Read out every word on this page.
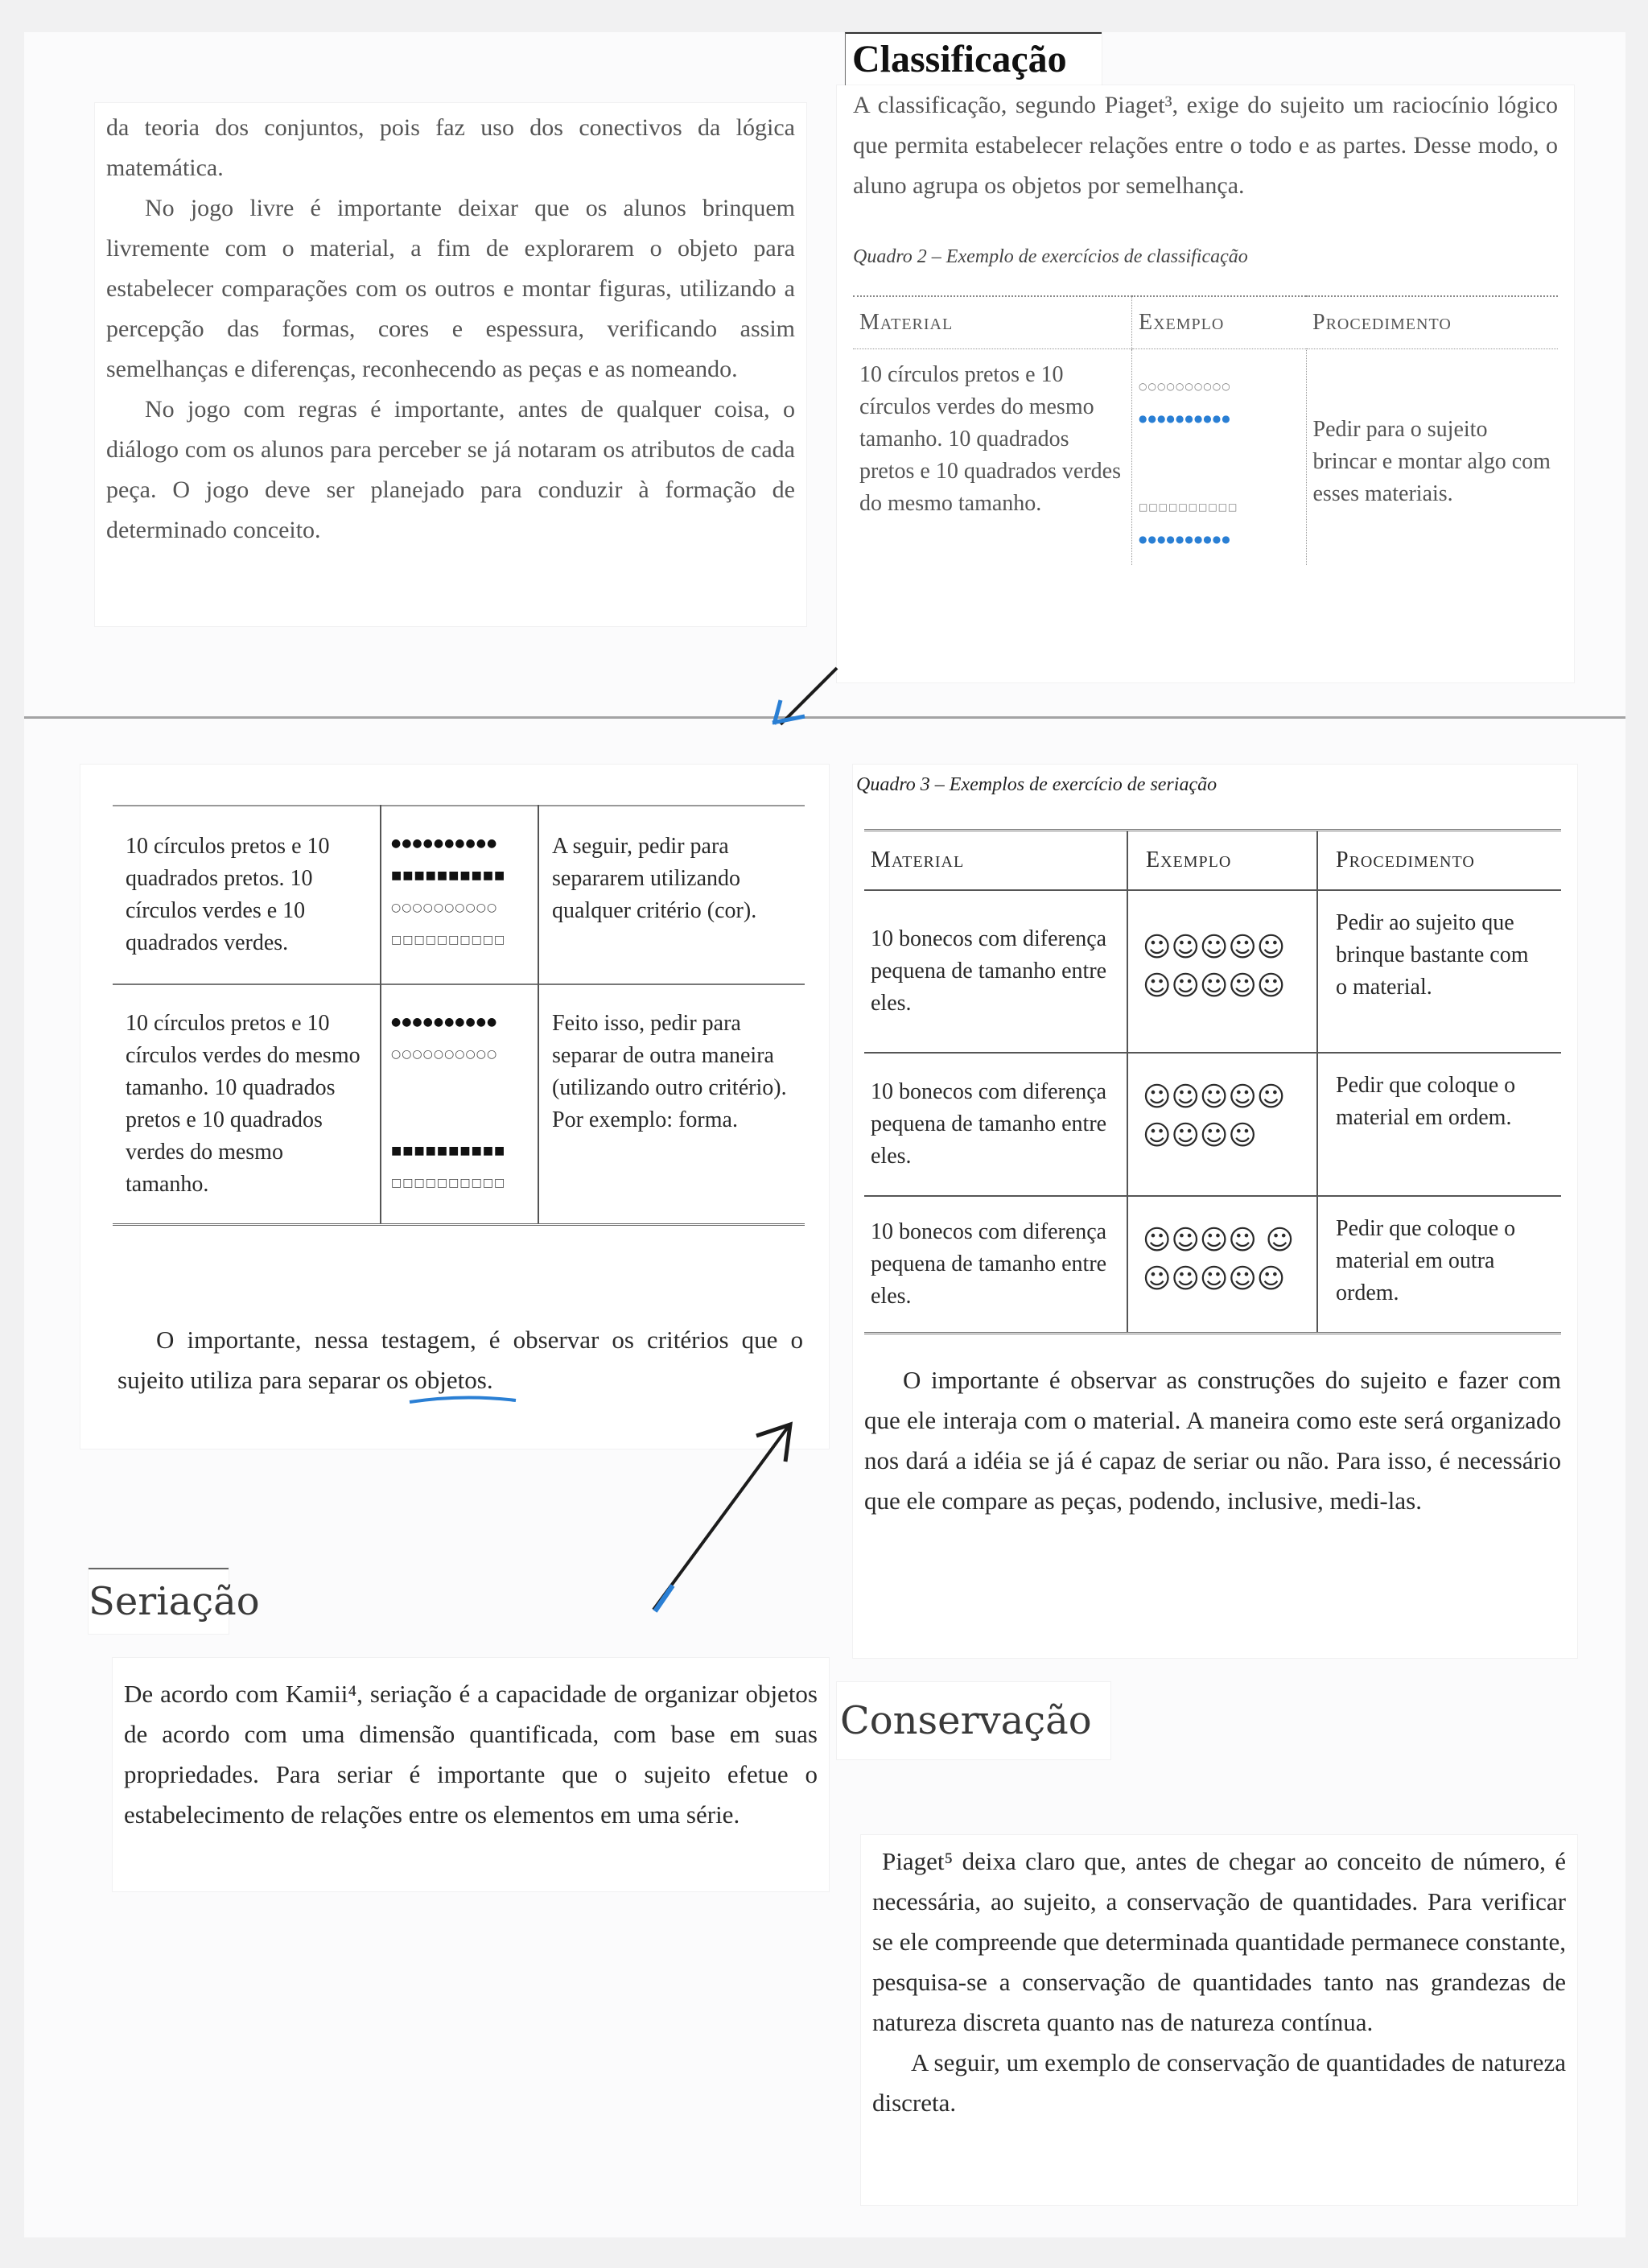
da teoria dos conjuntos, pois faz uso dos conectivos da lógica matemática.

No jogo livre é importante deixar que os alunos brinquem livremente com o material, a fim de explorarem o objeto para estabelecer comparações com os outros e montar figuras, utilizando a percepção das formas, cores e espessura, verificando assim semelhanças e diferenças, reconhecendo as peças e as nomeando.

No jogo com regras é importante, antes de qualquer coisa, o diálogo com os alunos para perceber se já notaram os atributos de cada peça. O jogo deve ser planejado para conduzir à formação de determinado conceito.

Classificação

A classificação, segundo Piaget³, exige do sujeito um raciocínio lógico que permita estabelecer relações entre o todo e as partes. Desse modo, o aluno agrupa os objetos por semelhança.

Quadro 2 – Exemplo de exercícios de classificação

Material	Exemplo	Procedimento
10 círculos pretos e 10 círculos verdes do mesmo tamanho. 10 quadrados pretos e 10 quadrados verdes do mesmo tamanho.	○○○○○○○○○○
●●●●●●●●●●
□□□□□□□□□□
●●●●●●●●●●	Pedir para o sujeito brincar e montar algo com esses materiais.
10 círculos pretos e 10 quadrados pretos. 10 círculos verdes e 10 quadrados verdes.	●●●●●●●●●●
■■■■■■■■■■
○○○○○○○○○○
□□□□□□□□□□	A seguir, pedir para separarem utilizando qualquer critério (cor).
10 círculos pretos e 10 círculos verdes do mesmo tamanho. 10 quadrados pretos e 10 quadrados verdes do mesmo tamanho.	●●●●●●●●●●
○○○○○○○○○○
■■■■■■■■■■
□□□□□□□□□□	Feito isso, pedir para separar de outra maneira (utilizando outro critério). Por exemplo: forma.

O importante, nessa testagem, é observar os critérios que o sujeito utiliza para separar os objetos.

Seriação

De acordo com Kamii⁴, seriação é a capacidade de organizar objetos de acordo com uma dimensão quantificada, com base em suas propriedades. Para seriar é importante que o sujeito efetue o estabelecimento de relações entre os elementos em uma série.

Quadro 3 – Exemplos de exercício de seriação

Material	Exemplo	Procedimento
10 bonecos com diferença pequena de tamanho entre eles.	☺☺☺☺☺ ☺☺☺☺☺	Pedir ao sujeito que brinque bastante com o material.
10 bonecos com diferença pequena de tamanho entre eles.	☺☺☺☺☺ ☺☺☺☺	Pedir que coloque o material em ordem.
10 bonecos com diferença pequena de tamanho entre eles.	☺☺☺☺ ☺☺☺☺☺☺	Pedir que coloque o material em outra ordem.

O importante é observar as construções do sujeito e fazer com que ele interaja com o material. A maneira como este será organizado nos dará a idéia se já é capaz de seriar ou não. Para isso, é necessário que ele compare as peças, podendo, inclusive, medi-las.

Conservação

Piaget⁵ deixa claro que, antes de chegar ao conceito de número, é necessária, ao sujeito, a conservação de quantidades. Para verificar se ele compreende que determinada quantidade permanece constante, pesquisa-se a conservação de quantidades tanto nas grandezas de natureza discreta quanto nas de natureza contínua.

A seguir, um exemplo de conservação de quantidades de natureza discreta.
